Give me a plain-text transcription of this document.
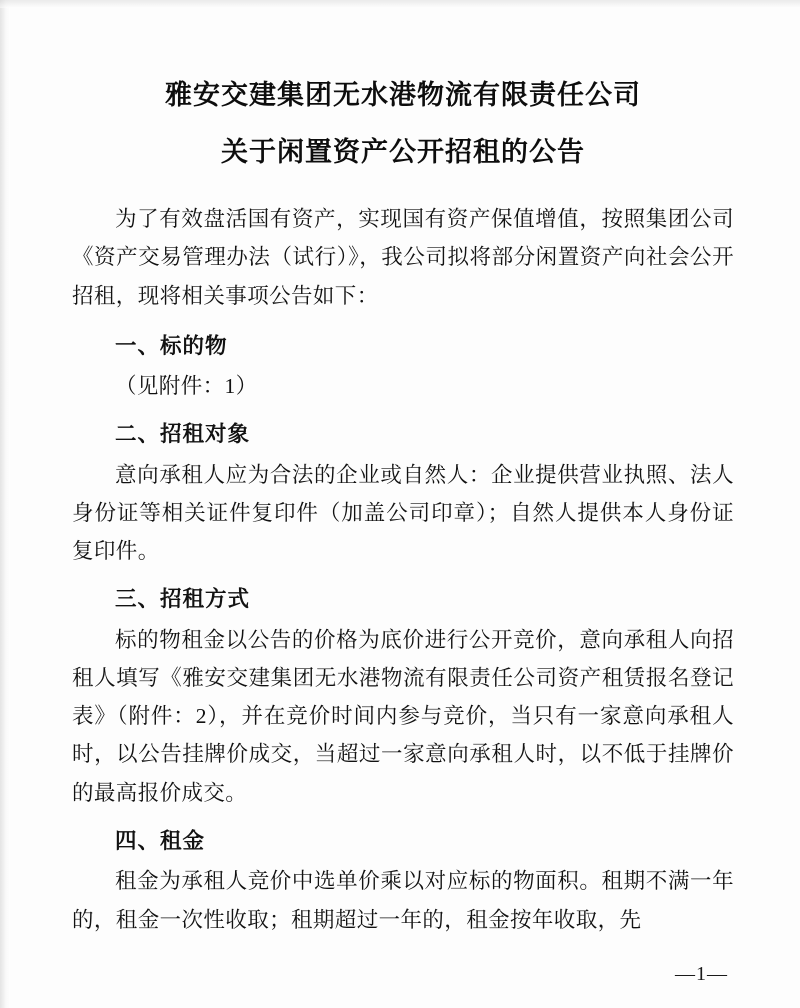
雅安交建集团无水港物流有限责任公司
关于闲置资产公开招租的公告

为了有效盘活国有资产，实现国有资产保值增值，按照集团公司《资产交易管理办法（试行）》，我公司拟将部分闲置资产向社会公开招租，现将相关事项公告如下：

一、标的物

（见附件：1）

二、招租对象

意向承租人应为合法的企业或自然人：企业提供营业执照、法人身份证等相关证件复印件（加盖公司印章）；自然人提供本人身份证复印件。

三、招租方式

标的物租金以公告的价格为底价进行公开竞价，意向承租人向招租人填写《雅安交建集团无水港物流有限责任公司资产租赁报名登记表》（附件：2），并在竞价时间内参与竞价，当只有一家意向承租人时，以公告挂牌价成交，当超过一家意向承租人时，以不低于挂牌价的最高报价成交。

四、租金

租金为承租人竞价中选单价乘以对应标的物面积。租期不满一年的，租金一次性收取；租期超过一年的，租金按年收取，先

—1—
